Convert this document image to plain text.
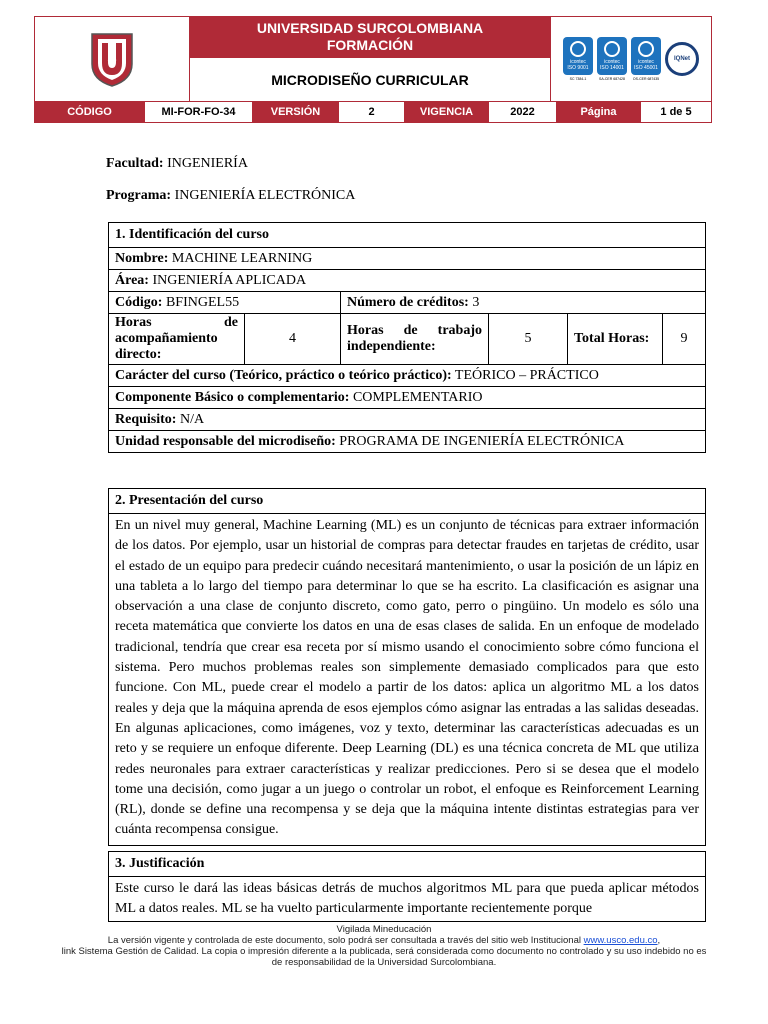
S
UNIVERSIDAD SURCOLOMBIANA
FORMACIÓN
MICRODISEÑO CURRICULAR
icontec
ISO 9001
SC 7384-1
icontec
ISO 14001
SA-CER 687428
icontec
ISO 45001
OS-CER 687435
IQNet
CÓDIGO	MI-FOR-FO-34	VERSIÓN	2	VIGENCIA	2022	Página	1 de 5
Facultad: INGENIERÍA
Programa: INGENIERÍA ELECTRÓNICA
1. Identificación del curso					
Nombre: MACHINE LEARNING					
Área: INGENIERÍA APLICADA					
Código: BFINGEL55		Número de créditos: 3			
Horas de acompañamiento directo:	4	Horas de trabajo independiente:	5	Total Horas:	9
Carácter del curso (Teórico, práctico o teórico práctico): TEÓRICO – PRÁCTICO					
Componente Básico o complementario: COMPLEMENTARIO					
Requisito: N/A					
Unidad responsable del microdiseño: PROGRAMA DE INGENIERÍA ELECTRÓNICA					
2. Presentación del curso
En un nivel muy general, Machine Learning (ML) es un conjunto de técnicas para extraer información de los datos. Por ejemplo, usar un historial de compras para detectar fraudes en tarjetas de crédito, usar el estado de un equipo para predecir cuándo necesitará mantenimiento, o usar la posición de un lápiz en una tableta a lo largo del tiempo para determinar lo que se ha escrito. La clasificación es asignar una observación a una clase de conjunto discreto, como gato, perro o pingüino. Un modelo es sólo una receta matemática que convierte los datos en una de esas clases de salida. En un enfoque de modelado tradicional, tendría que crear esa receta por sí mismo usando el conocimiento sobre cómo funciona el sistema. Pero muchos problemas reales son simplemente demasiado complicados para que esto funcione. Con ML, puede crear el modelo a partir de los datos: aplica un algoritmo ML a los datos reales y deja que la máquina aprenda de esos ejemplos cómo asignar las entradas a las salidas deseadas. En algunas aplicaciones, como imágenes, voz y texto, determinar las características adecuadas es un reto y se requiere un enfoque diferente. Deep Learning (DL) es una técnica concreta de ML que utiliza redes neuronales para extraer características y realizar predicciones. Pero si se desea que el modelo tome una decisión, como jugar a un juego o controlar un robot, el enfoque es Reinforcement Learning (RL), donde se define una recompensa y se deja que la máquina intente distintas estrategias para ver cuánta recompensa consigue.
3. Justificación
Este curso le dará las ideas básicas detrás de muchos algoritmos ML para que pueda aplicar métodos ML a datos reales. ML se ha vuelto particularmente importante recientemente porque
Vigilada Mineducación
La versión vigente y controlada de este documento, solo podrá ser consultada a través del sitio web Institucional www.usco.edu.co,
link Sistema Gestión de Calidad. La copia o impresión diferente a la publicada, será considerada como documento no controlado y su uso indebido no es de responsabilidad de la Universidad Surcolombiana.
